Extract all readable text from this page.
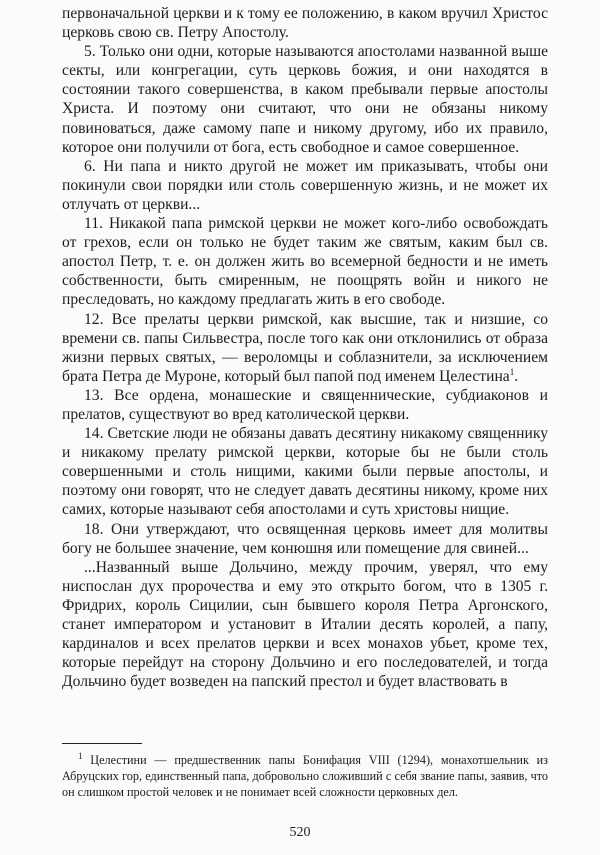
первоначальной церкви и к тому ее положению, в каком вручил Христос церковь свою св. Петру Апостолу.

5. Только они одни, которые называются апостолами названной выше секты, или конгрегации, суть церковь божия, и они находятся в состоянии такого совершенства, в каком пребывали первые апостолы Христа. И поэтому они считают, что они не обязаны никому повиноваться, даже самому папе и никому другому, ибо их правило, которое они получили от бога, есть свободное и самое совершенное.

6. Ни папа и никто другой не может им приказывать, чтобы они покинули свои порядки или столь совершенную жизнь, и не может их отлучать от церкви...

11. Никакой папа римской церкви не может кого-либо освобождать от грехов, если он только не будет таким же святым, каким был св. апостол Петр, т. е. он должен жить во всемерной бедности и не иметь собственности, быть смиренным, не поощрять войн и никого не преследовать, но каждому предлагать жить в его свободе.

12. Все прелаты церкви римской, как высшие, так и низшие, со времени св. папы Сильвестра, после того как они отклонились от образа жизни первых святых, — вероломцы и соблазнители, за исключением брата Петра де Муроне, который был папой под именем Целестина$^1$.

13. Все ордена, монашеские и священнические, субдиаконов и прелатов, существуют во вред католической церкви.

14. Светские люди не обязаны давать десятину никакому священнику и никакому прелату римской церкви, которые бы не были столь совершенными и столь нищими, какими были первые апостолы, и поэтому они говорят, что не следует давать десятины никому, кроме них самих, которые называют себя апостолами и суть христовы нищие.

18. Они утверждают, что освященная церковь имеет для молитвы богу не большее значение, чем конюшня или помещение для свиней...

...Названный выше Дольчино, между прочим, уверял, что ему ниспослан дух пророчества и ему это открыто богом, что в 1305 г. Фридрих, король Сицилии, сын бывшего короля Петра Аргонского, станет императором и установит в Италии десять королей, а папу, кардиналов и всех прелатов церкви и всех монахов убьет, кроме тех, которые перейдут на сторону Дольчино и его последователей, и тогда Дольчино будет возведен на папский престол и будет властвовать в

$^1$ Целестини — предшественник папы Бонифация VIII (1294), монахотшельник из Абруцских гор, единственный папа, добровольно сложивший с себя звание папы, заявив, что он слишком простой человек и не понимает всей сложности церковных дел.

520
